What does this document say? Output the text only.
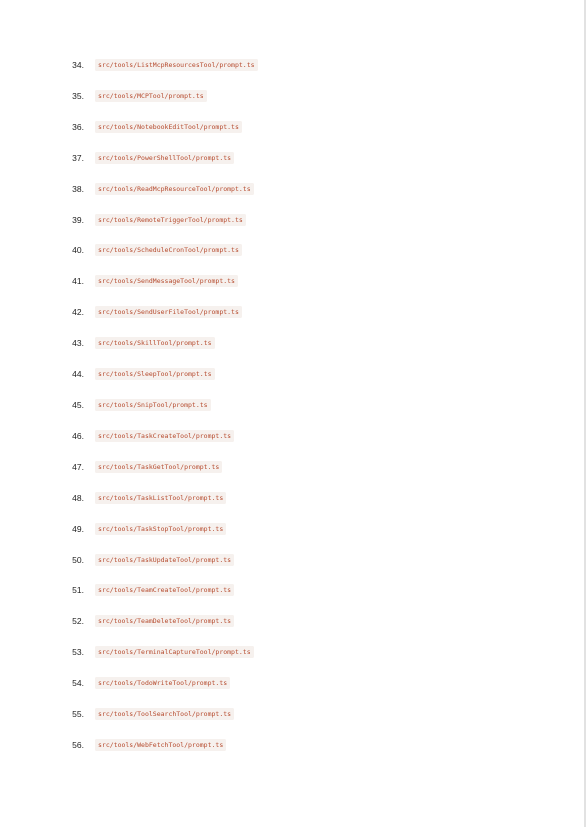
34.	src/tools/ListMcpResourcesTool/prompt.ts
35.	src/tools/MCPTool/prompt.ts
36.	src/tools/NotebookEditTool/prompt.ts
37.	src/tools/PowerShellTool/prompt.ts
38.	src/tools/ReadMcpResourceTool/prompt.ts
39.	src/tools/RemoteTriggerTool/prompt.ts
40.	src/tools/ScheduleCronTool/prompt.ts
41.	src/tools/SendMessageTool/prompt.ts
42.	src/tools/SendUserFileTool/prompt.ts
43.	src/tools/SkillTool/prompt.ts
44.	src/tools/SleepTool/prompt.ts
45.	src/tools/SnipTool/prompt.ts
46.	src/tools/TaskCreateTool/prompt.ts
47.	src/tools/TaskGetTool/prompt.ts
48.	src/tools/TaskListTool/prompt.ts
49.	src/tools/TaskStopTool/prompt.ts
50.	src/tools/TaskUpdateTool/prompt.ts
51.	src/tools/TeamCreateTool/prompt.ts
52.	src/tools/TeamDeleteTool/prompt.ts
53.	src/tools/TerminalCaptureTool/prompt.ts
54.	src/tools/TodoWriteTool/prompt.ts
55.	src/tools/ToolSearchTool/prompt.ts
56.	src/tools/WebFetchTool/prompt.ts
